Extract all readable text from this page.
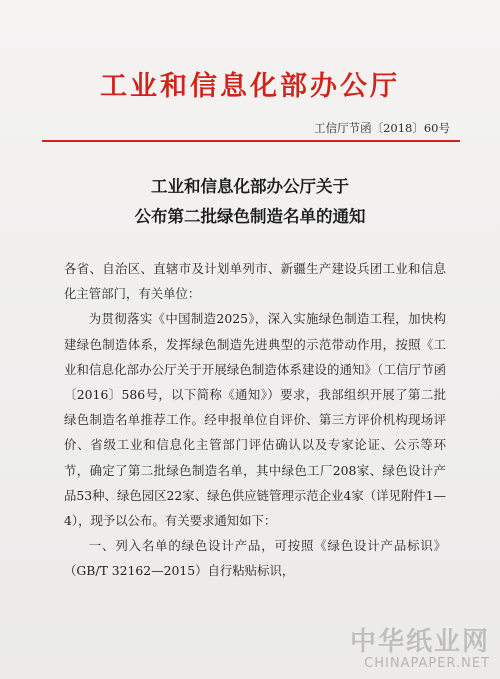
工业和信息化部办公厅
工信厅节函〔2018〕60号
工业和信息化部办公厅关于
公布第二批绿色制造名单的通知

各省、自治区、直辖市及计划单列市、新疆生产建设兵团工业和信息化主管部门，有关单位：

为贯彻落实《中国制造2025》，深入实施绿色制造工程，加快构建绿色制造体系，发挥绿色制造先进典型的示范带动作用，按照《工业和信息化部办公厅关于开展绿色制造体系建设的通知》（工信厅节函〔2016〕586号，以下简称《通知》）要求，我部组织开展了第二批绿色制造名单推荐工作。经申报单位自评价、第三方评价机构现场评价、省级工业和信息化主管部门评估确认以及专家论证、公示等环节，确定了第二批绿色制造名单，其中绿色工厂208家、绿色设计产品53种、绿色园区22家、绿色供应链管理示范企业4家（详见附件1—4），现予以公布。有关要求通知如下：

一、列入名单的绿色设计产品，可按照《绿色设计产品标识》（GB/T 32162—2015）自行粘贴标识，

中华纸业网
CHINAPAPER.NET
